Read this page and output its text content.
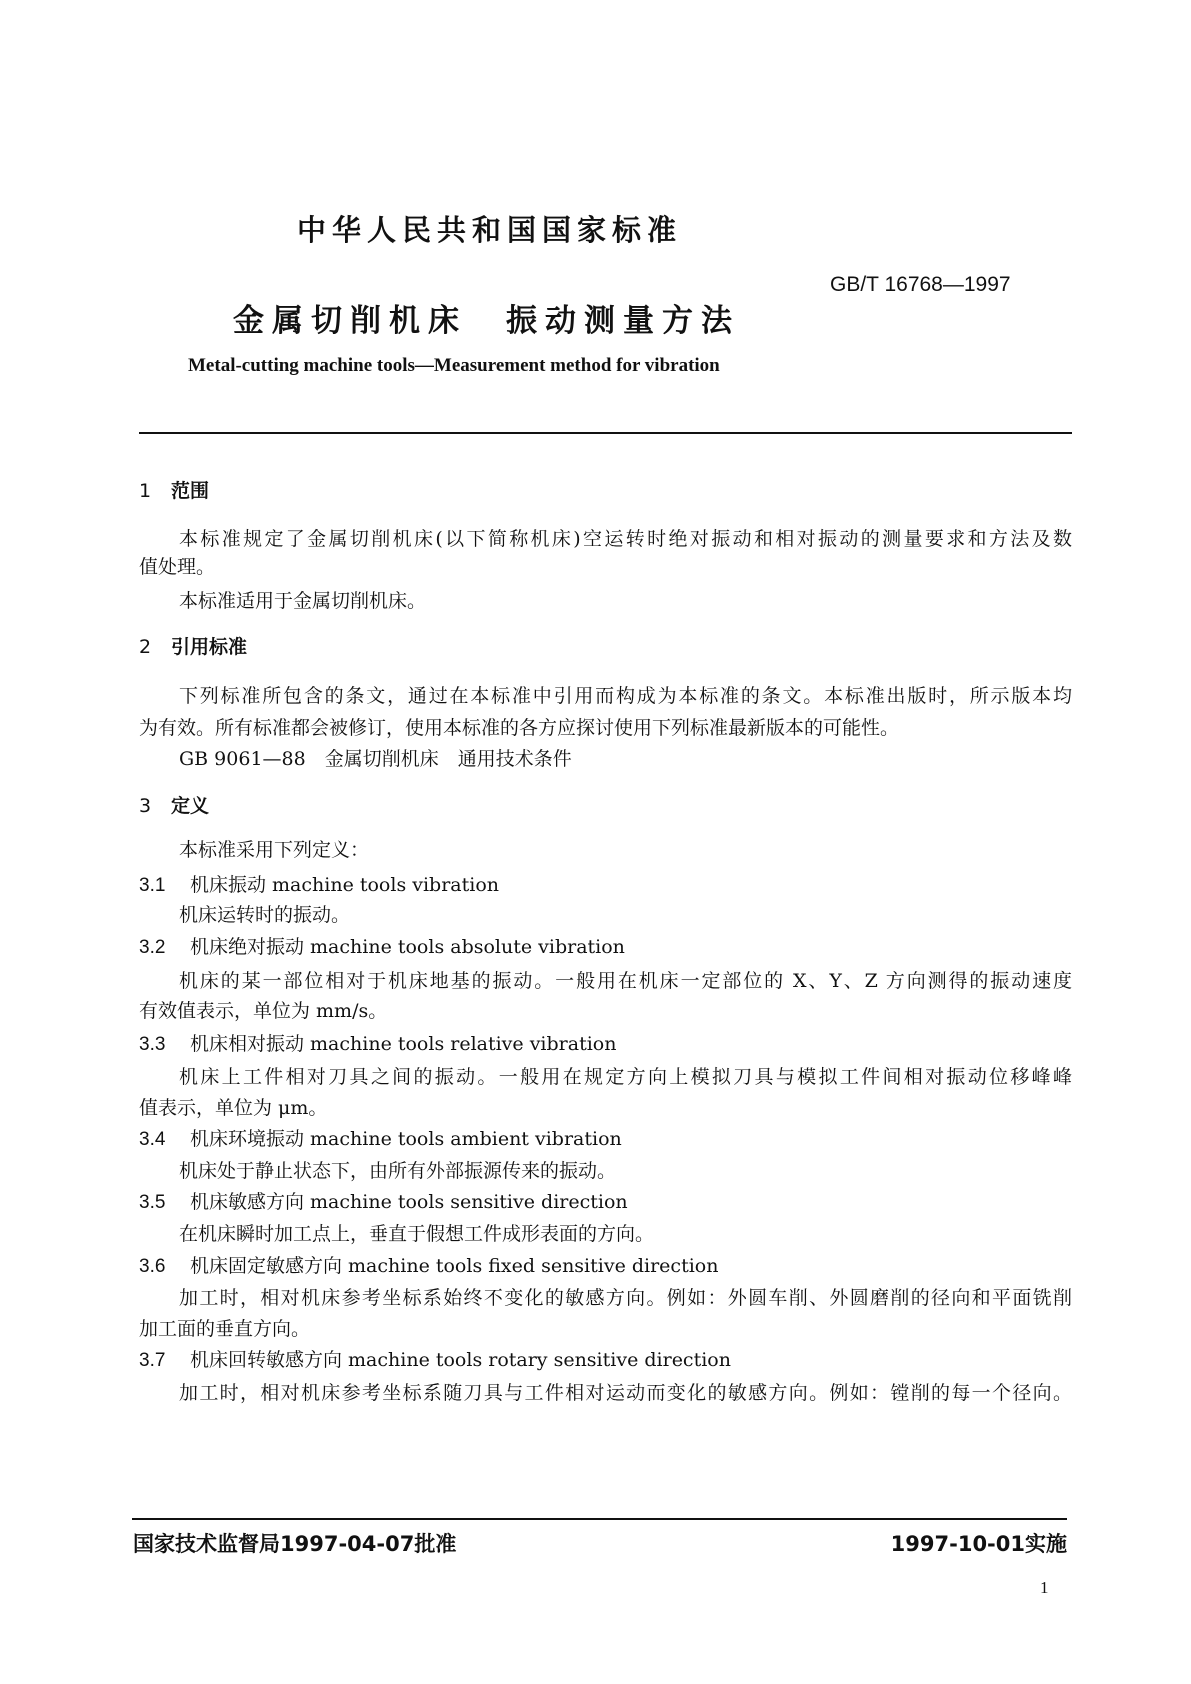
中华人民共和国国家标准
GB/T 16768—1997
金属切削机床　振动测量方法
Metal-cutting machine tools—Measurement method for vibration
1 范围
本标准规定了金属切削机床(以下简称机床)空运转时绝对振动和相对振动的测量要求和方法及数
值处理。
本标准适用于金属切削机床。
2 引用标准
下列标准所包含的条文，通过在本标准中引用而构成为本标准的条文。本标准出版时，所示版本均
为有效。所有标准都会被修订，使用本标准的各方应探讨使用下列标准最新版本的可能性。
GB 9061—88　金属切削机床　通用技术条件
3 定义
本标准采用下列定义：
3.1 机床振动 machine tools vibration
机床运转时的振动。
3.2 机床绝对振动 machine tools absolute vibration
机床的某一部位相对于机床地基的振动。一般用在机床一定部位的 X、Y、Z 方向测得的振动速度
有效值表示，单位为 mm/s。
3.3 机床相对振动 machine tools relative vibration
机床上工件相对刀具之间的振动。一般用在规定方向上模拟刀具与模拟工件间相对振动位移峰峰
值表示，单位为 μm。
3.4 机床环境振动 machine tools ambient vibration
机床处于静止状态下，由所有外部振源传来的振动。
3.5 机床敏感方向 machine tools sensitive direction
在机床瞬时加工点上，垂直于假想工件成形表面的方向。
3.6 机床固定敏感方向 machine tools fixed sensitive direction
加工时，相对机床参考坐标系始终不变化的敏感方向。例如：外圆车削、外圆磨削的径向和平面铣削
加工面的垂直方向。
3.7 机床回转敏感方向 machine tools rotary sensitive direction
加工时，相对机床参考坐标系随刀具与工件相对运动而变化的敏感方向。例如：镗削的每一个径向。
国家技术监督局1997-04-07批准	1997-10-01实施
1
